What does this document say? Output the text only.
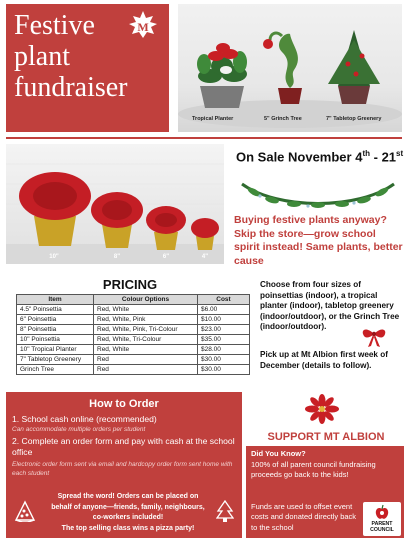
Festive
plant
fundraiser
M
Tropical Planter	5" Grinch Tree	7" Tabletop Greenery
10"	8"	6"	4"
On Sale November 4th - 21st
Buying festive plants anyway? Skip the store—grow school spirit instead! Same plants, better cause
PRICING
Item	Colour Options	Cost
4.5" Poinsettia	Red, White	$6.00
6" Poinsettia	Red, White, Pink	$10.00
8" Poinsettia	Red, White, Pink, Tri-Colour	$23.00
10" Poinsettia	Red, White, Tri-Colour	$35.00
10" Tropical Planter	Red, White	$28.00
7" Tabletop Greenery	Red	$30.00
Grinch Tree	Red	$30.00
Choose from four sizes of poinsettias (indoor), a tropical planter (indoor), tabletop greenery (indoor/outdoor), or the Grinch Tree (indoor/outdoor).
Pick up at Mt Albion first week of December (details to follow).
How to Order
1. School cash online (recommended)
Can accommodate multiple orders per student
2. Complete an order form and pay with cash at the school office
Electronic order form sent via email and hardcopy order form sent home with each student
Spread the word! Orders can be placed on behalf of anyone—friends, family, neighbours, co-workers included!
The top selling class wins a pizza party!
SUPPORT MT ALBION
Did You Know?
100% of all parent council fundraising proceeds go back to the kids!
Funds are used to offset event costs and donated directly back to the school	PARENT
COUNCIL
